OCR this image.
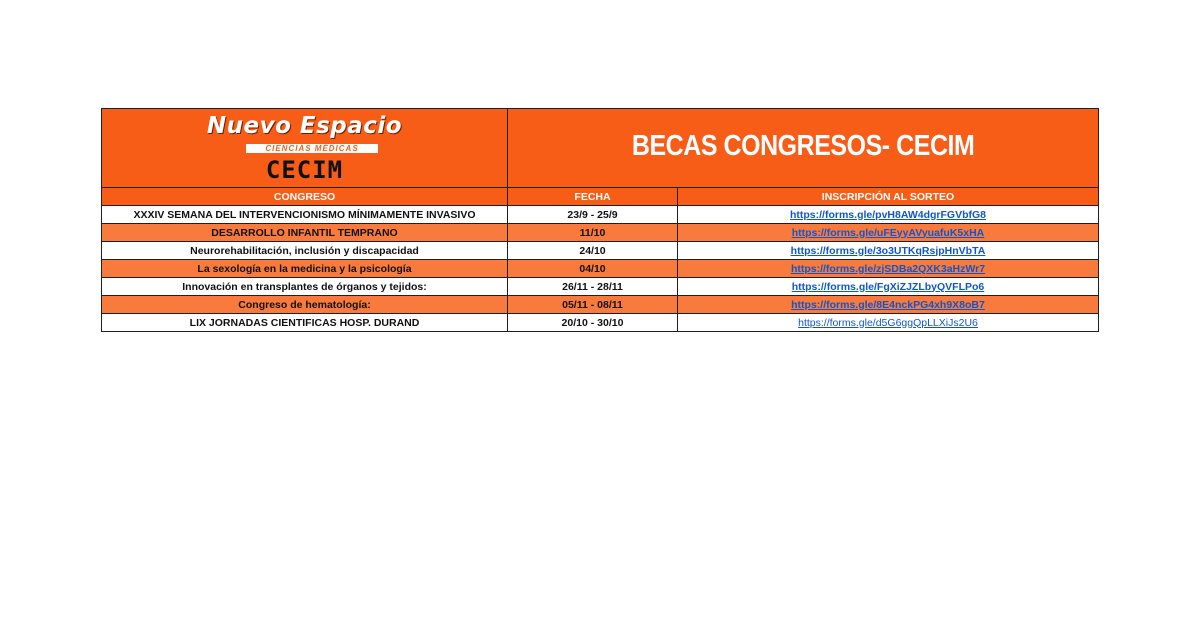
Nuevo Espacio
CIENCIAS MÉDICAS
CECIM
BECAS CONGRESOS- CECIM
CONGRESO	FECHA	INSCRIPCIÓN AL SORTEO
XXXIV SEMANA DEL INTERVENCIONISMO MÍNIMAMENTE INVASIVO	23/9 - 25/9	https://forms.gle/pvH8AW4dgrFGVbfG8
DESARROLLO INFANTIL TEMPRANO	11/10	https://forms.gle/uFEyyAVyuafuK5xHA
Neurorehabilitación, inclusión y discapacidad	24/10	https://forms.gle/3o3UTKqRsjpHnVbTA
La sexología en la medicina y la psicología	04/10	https://forms.gle/zjSDBa2QXK3aHzWr7
Innovación en transplantes de órganos y tejidos:	26/11 - 28/11	https://forms.gle/FgXiZJZLbyQVFLPo6
Congreso de hematología:	05/11 - 08/11	https://forms.gle/8E4nckPG4xh9X8oB7
LIX JORNADAS CIENTIFICAS HOSP. DURAND	20/10 - 30/10	https://forms.gle/d5G6ggQpLLXiJs2U6
